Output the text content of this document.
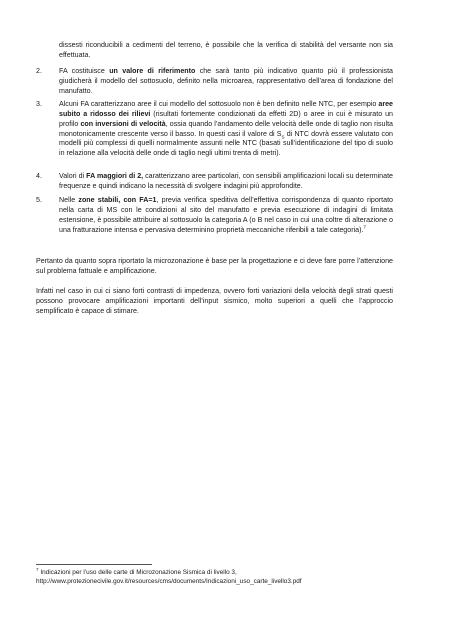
dissesti riconducibili a cedimenti del terreno, è possibile che la verifica di stabilità del versante non sia effettuata.

2.	FA costituisce un valore di riferimento che sarà tanto più indicativo quanto più il professionista giudicherà il modello del sottosuolo, definito nella microarea, rappresentativo dell’area di fondazione del manufatto.
3.	Alcuni FA caratterizzano aree il cui modello del sottosuolo non è ben definito nelle NTC, per esempio aree subito a ridosso dei rilievi (risultati fortemente condizionati da effetti 2D) o aree in cui è misurato un profilo con inversioni di velocità, ossia quando l’andamento delle velocità delle onde di taglio non risulta monotonicamente crescente verso il basso. In questi casi il valore di $S_S$ di NTC dovrà essere valutato con modelli più complessi di quelli normalmente assunti nelle NTC (basati sull’identificazione del tipo di suolo in relazione alla velocità delle onde di taglio negli ultimi trenta di metri).
4.	Valori di FA maggiori di 2, caratterizzano aree particolari, con sensibili amplificazioni locali su determinate frequenze e quindi indicano la necessità di svolgere indagini più approfondite.
5.	Nelle zone stabili, con FA=1, previa verifica speditiva dell’effettiva corrispondenza di quanto riportato nella carta di MS con le condizioni al sito del manufatto e previa esecuzione di indagini di limitata estensione, è possibile attribuire al sottosuolo la categoria A (o B nel caso in cui una coltre di alterazione o una fratturazione intensa e pervasiva determinino proprietà meccaniche riferibili a tale categoria).$^7$

Pertanto da quanto sopra riportato la microzonazione è base per la progettazione e ci deve fare porre l’attenzione sul problema fattuale e amplificazione.

Infatti nel caso in cui ci siano forti contrasti di impedenza, ovvero forti variazioni della velocità degli strati questi possono provocare amplificazioni importanti dell’input sismico, molto superiori a quelli che l’approccio semplificato è capace di stimare.

$^7$ Indicazioni per l’uso delle carte di Microzonazione Sismica di livello 3,
http://www.protezionecivile.gov.it/resources/cms/documents/Indicazioni_uso_carte_livello3.pdf
